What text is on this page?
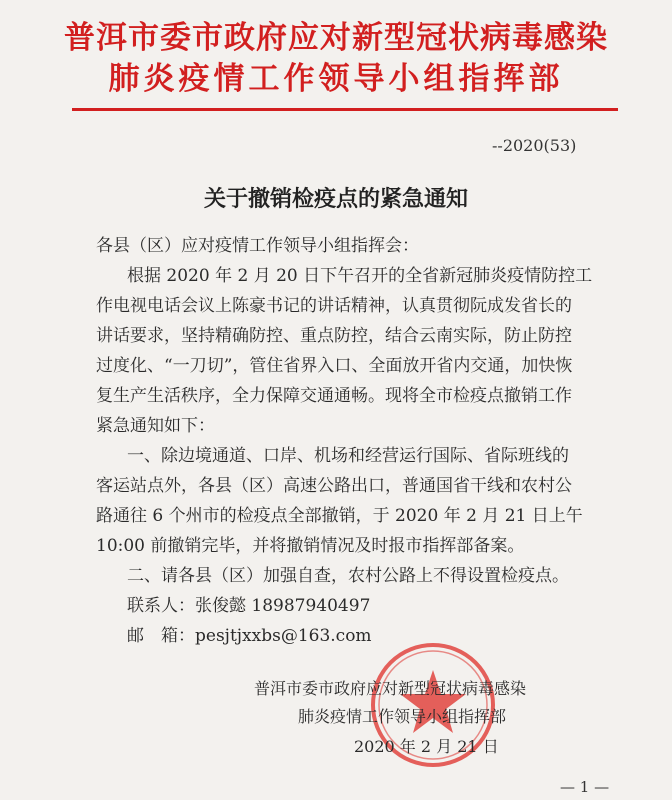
普洱市委市政府应对新型冠状病毒感染
肺炎疫情工作领导小组指挥部
--2020(53)
关于撤销检疫点的紧急通知
各县（区）应对疫情工作领导小组指挥会：
根据 2020 年 2 月 20 日下午召开的全省新冠肺炎疫情防控工
作电视电话会议上陈豪书记的讲话精神，认真贯彻阮成发省长的
讲话要求，坚持精确防控、重点防控，结合云南实际，防止防控
过度化、“一刀切”，管住省界入口、全面放开省内交通，加快恢
复生产生活秩序，全力保障交通通畅。现将全市检疫点撤销工作
紧急通知如下：
一、除边境通道、口岸、机场和经营运行国际、省际班线的
客运站点外，各县（区）高速公路出口，普通国省干线和农村公
路通往 6 个州市的检疫点全部撤销，于 2020 年 2 月 21 日上午
10:00 前撤销完毕，并将撤销情况及时报市指挥部备案。
二、请各县（区）加强自查，农村公路上不得设置检疫点。
联系人：张俊懿 18987940497
邮　箱：pesjtjxxbs@163.com
普洱市委市政府应对新型冠状病毒感染
肺炎疫情工作领导小组指挥部
2020 年 2 月 21 日
— 1 —
